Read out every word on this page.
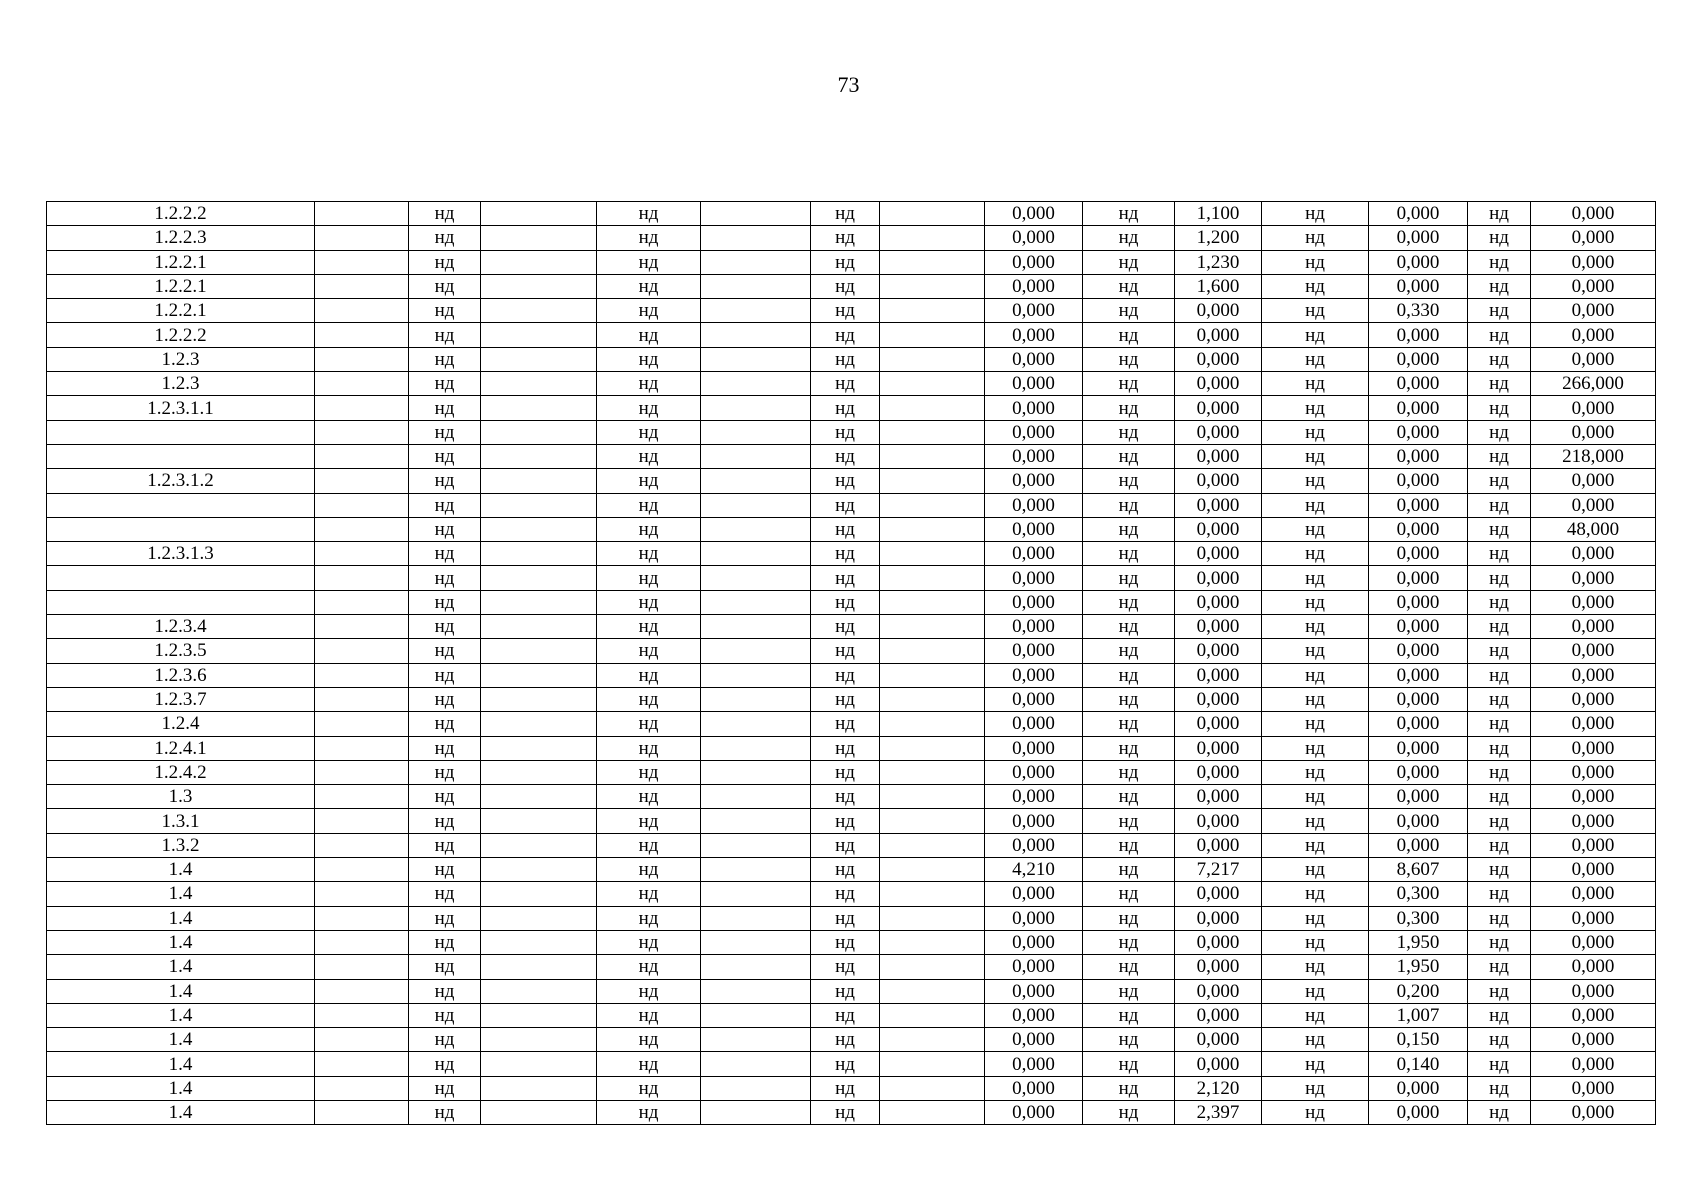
73
1.2.2.2		нд		нд		нд		0,000	нд	1,100	нд	0,000	нд	0,000
1.2.2.3		нд		нд		нд		0,000	нд	1,200	нд	0,000	нд	0,000
1.2.2.1		нд		нд		нд		0,000	нд	1,230	нд	0,000	нд	0,000
1.2.2.1		нд		нд		нд		0,000	нд	1,600	нд	0,000	нд	0,000
1.2.2.1		нд		нд		нд		0,000	нд	0,000	нд	0,330	нд	0,000
1.2.2.2		нд		нд		нд		0,000	нд	0,000	нд	0,000	нд	0,000
1.2.3		нд		нд		нд		0,000	нд	0,000	нд	0,000	нд	0,000
1.2.3		нд		нд		нд		0,000	нд	0,000	нд	0,000	нд	266,000
1.2.3.1.1		нд		нд		нд		0,000	нд	0,000	нд	0,000	нд	0,000
		нд		нд		нд		0,000	нд	0,000	нд	0,000	нд	0,000
		нд		нд		нд		0,000	нд	0,000	нд	0,000	нд	218,000
1.2.3.1.2		нд		нд		нд		0,000	нд	0,000	нд	0,000	нд	0,000
		нд		нд		нд		0,000	нд	0,000	нд	0,000	нд	0,000
		нд		нд		нд		0,000	нд	0,000	нд	0,000	нд	48,000
1.2.3.1.3		нд		нд		нд		0,000	нд	0,000	нд	0,000	нд	0,000
		нд		нд		нд		0,000	нд	0,000	нд	0,000	нд	0,000
		нд		нд		нд		0,000	нд	0,000	нд	0,000	нд	0,000
1.2.3.4		нд		нд		нд		0,000	нд	0,000	нд	0,000	нд	0,000
1.2.3.5		нд		нд		нд		0,000	нд	0,000	нд	0,000	нд	0,000
1.2.3.6		нд		нд		нд		0,000	нд	0,000	нд	0,000	нд	0,000
1.2.3.7		нд		нд		нд		0,000	нд	0,000	нд	0,000	нд	0,000
1.2.4		нд		нд		нд		0,000	нд	0,000	нд	0,000	нд	0,000
1.2.4.1		нд		нд		нд		0,000	нд	0,000	нд	0,000	нд	0,000
1.2.4.2		нд		нд		нд		0,000	нд	0,000	нд	0,000	нд	0,000
1.3		нд		нд		нд		0,000	нд	0,000	нд	0,000	нд	0,000
1.3.1		нд		нд		нд		0,000	нд	0,000	нд	0,000	нд	0,000
1.3.2		нд		нд		нд		0,000	нд	0,000	нд	0,000	нд	0,000
1.4		нд		нд		нд		4,210	нд	7,217	нд	8,607	нд	0,000
1.4		нд		нд		нд		0,000	нд	0,000	нд	0,300	нд	0,000
1.4		нд		нд		нд		0,000	нд	0,000	нд	0,300	нд	0,000
1.4		нд		нд		нд		0,000	нд	0,000	нд	1,950	нд	0,000
1.4		нд		нд		нд		0,000	нд	0,000	нд	1,950	нд	0,000
1.4		нд		нд		нд		0,000	нд	0,000	нд	0,200	нд	0,000
1.4		нд		нд		нд		0,000	нд	0,000	нд	1,007	нд	0,000
1.4		нд		нд		нд		0,000	нд	0,000	нд	0,150	нд	0,000
1.4		нд		нд		нд		0,000	нд	0,000	нд	0,140	нд	0,000
1.4		нд		нд		нд		0,000	нд	2,120	нд	0,000	нд	0,000
1.4		нд		нд		нд		0,000	нд	2,397	нд	0,000	нд	0,000
